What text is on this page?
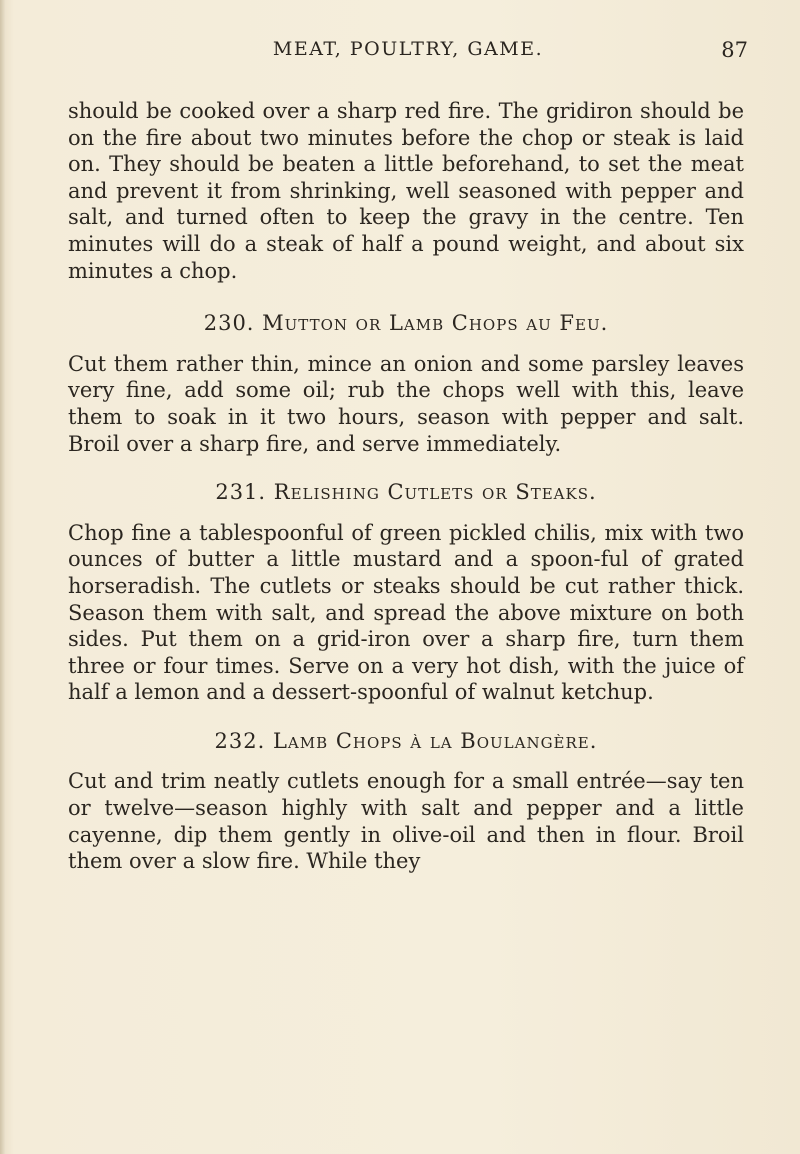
MEAT, POULTRY, GAME.	87

should be cooked over a sharp red fire. The gridiron should be on the fire about two minutes before the chop or steak is laid on. They should be beaten a little beforehand, to set the meat and prevent it from shrinking, well seasoned with pepper and salt, and turned often to keep the gravy in the centre. Ten minutes will do a steak of half a pound weight, and about six minutes a chop.

230. Mutton or Lamb Chops au Feu.

Cut them rather thin, mince an onion and some parsley leaves very fine, add some oil; rub the chops well with this, leave them to soak in it two hours, season with pepper and salt. Broil over a sharp fire, and serve immediately.

231. Relishing Cutlets or Steaks.

Chop fine a tablespoonful of green pickled chilis, mix with two ounces of butter a little mustard and a spoon-ful of grated horseradish. The cutlets or steaks should be cut rather thick. Season them with salt, and spread the above mixture on both sides. Put them on a grid-iron over a sharp fire, turn them three or four times. Serve on a very hot dish, with the juice of half a lemon and a dessert-spoonful of walnut ketchup.

232. Lamb Chops à la Boulangère.

Cut and trim neatly cutlets enough for a small entrée—say ten or twelve—season highly with salt and pepper and a little cayenne, dip them gently in olive-oil and then in flour. Broil them over a slow fire. While they
